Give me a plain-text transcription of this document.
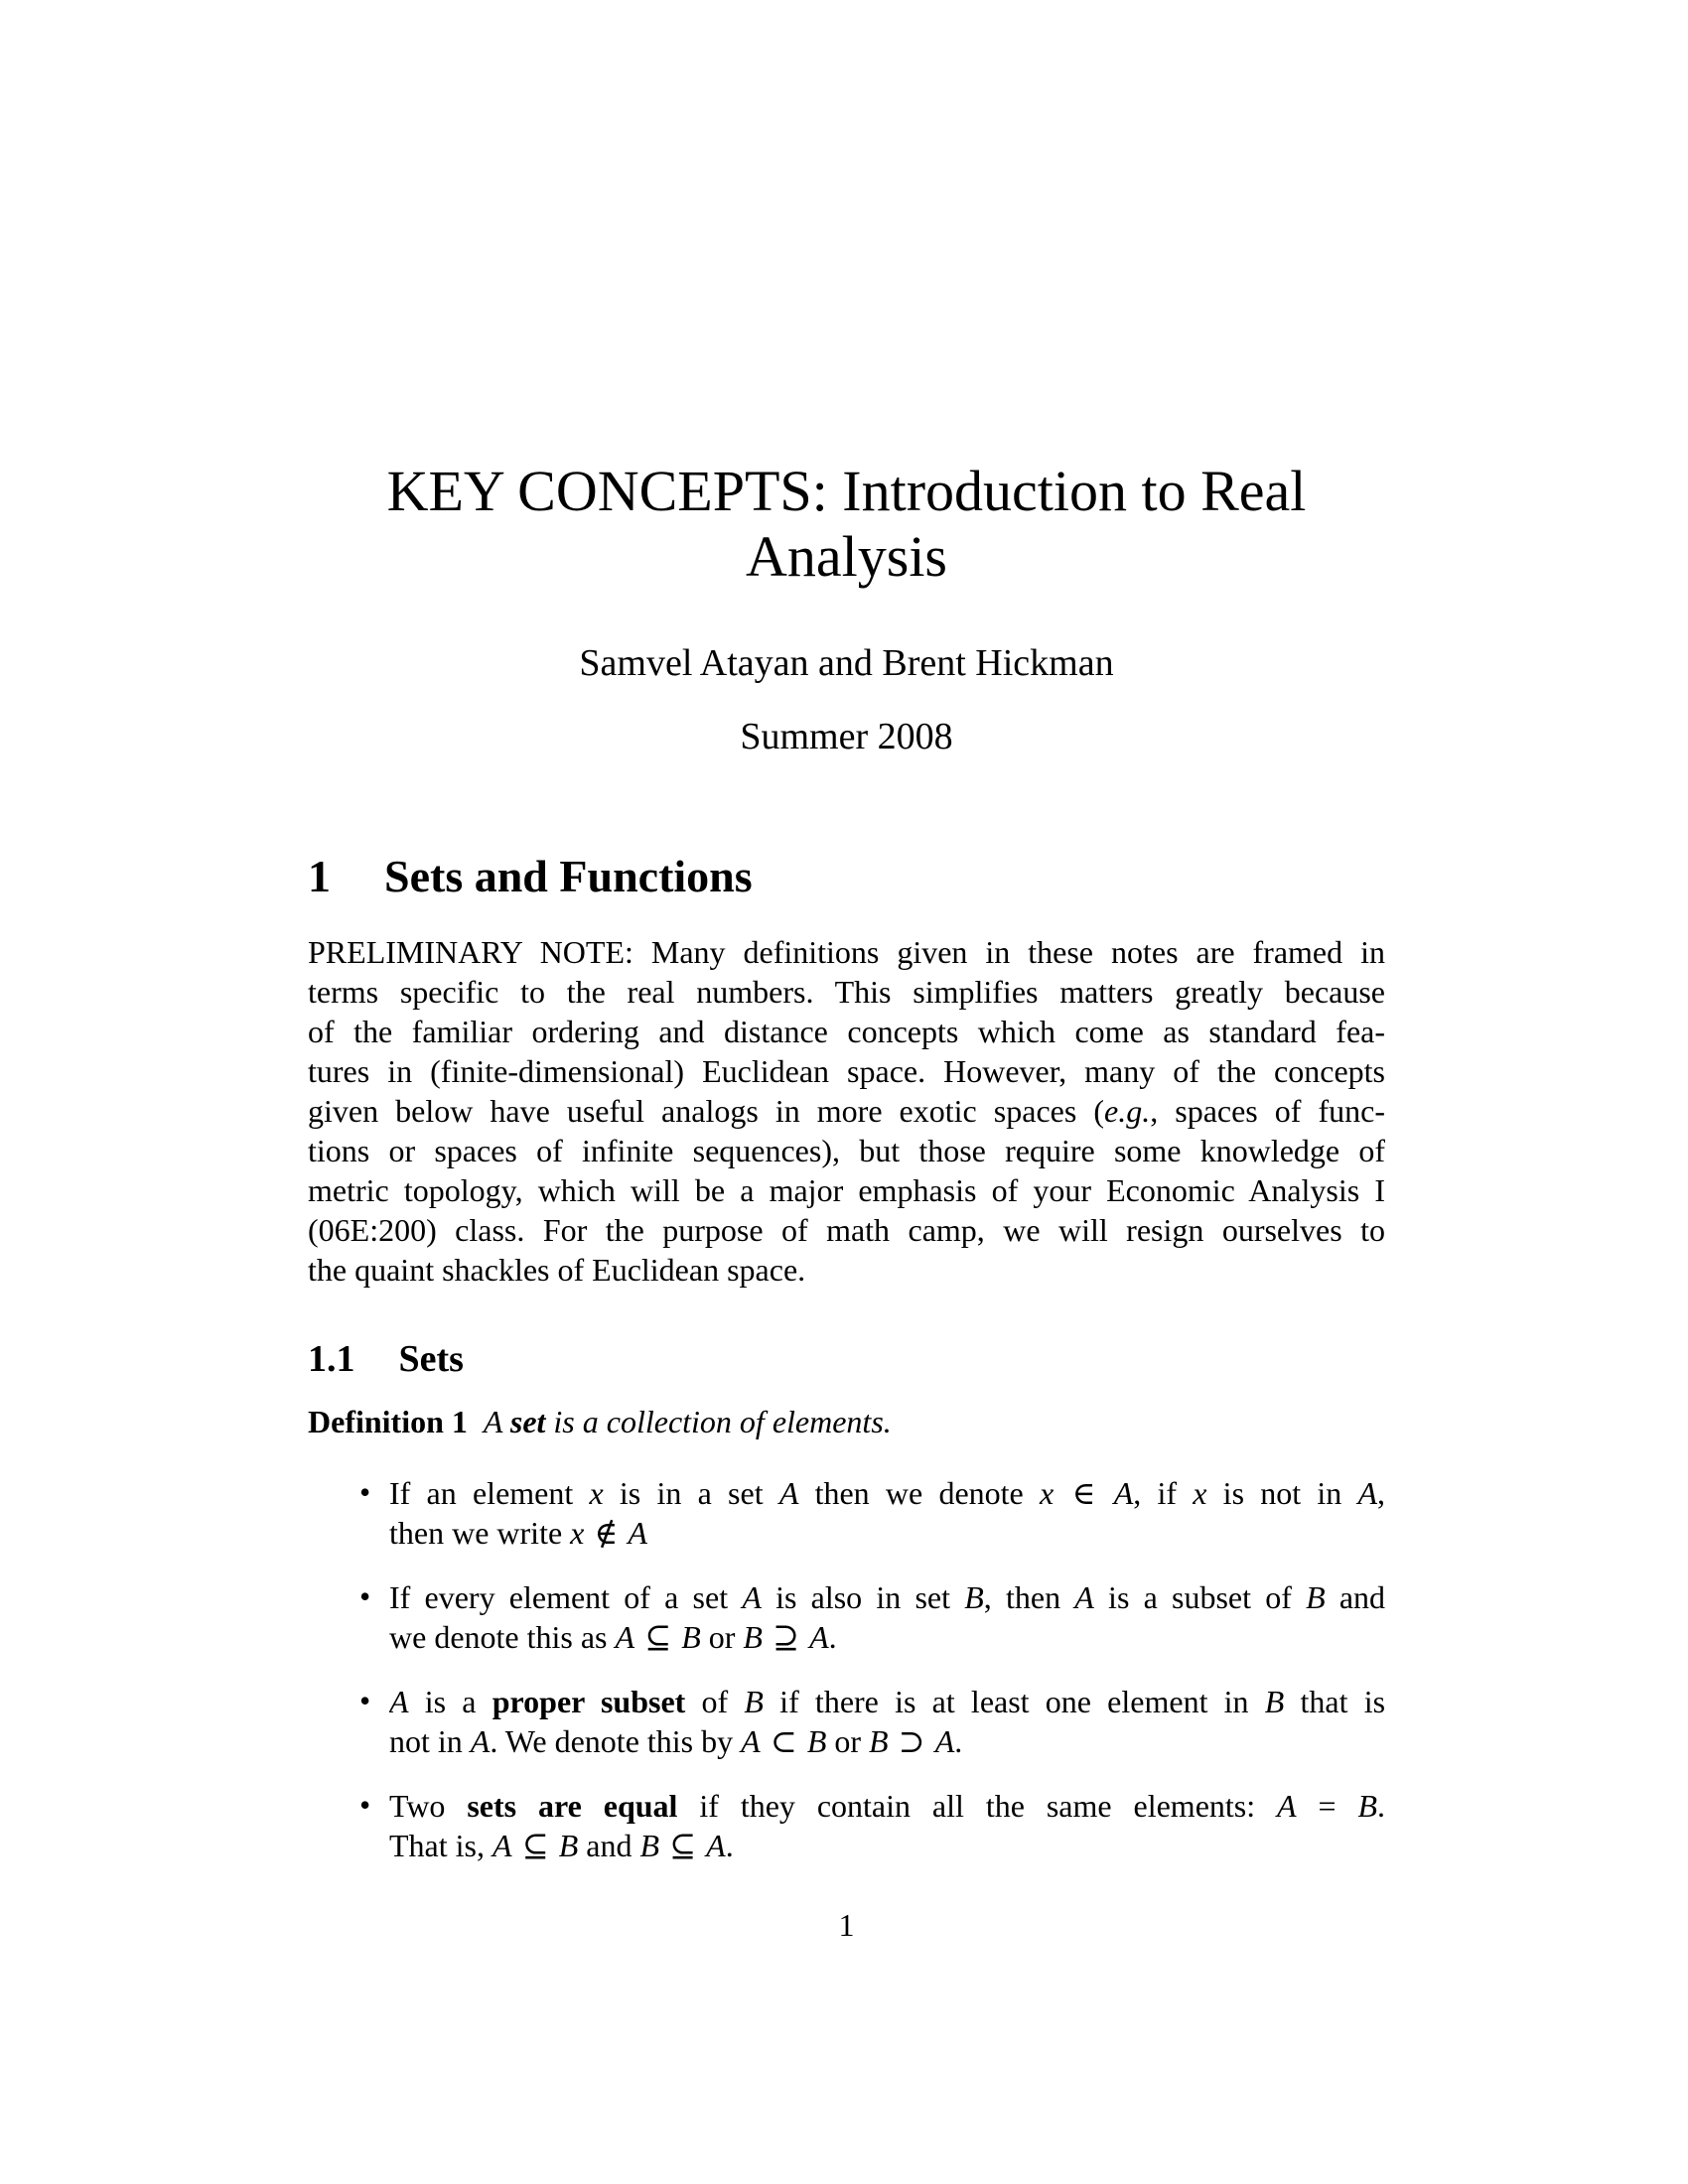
KEY CONCEPTS: Introduction to Real
Analysis
Samvel Atayan and Brent Hickman
Summer 2008
1 Sets and Functions
PRELIMINARY NOTE: Many definitions given in these notes are framed in
terms specific to the real numbers. This simplifies matters greatly because
of the familiar ordering and distance concepts which come as standard fea-
tures in (finite-dimensional) Euclidean space. However, many of the concepts
given below have useful analogs in more exotic spaces (e.g., spaces of func-
tions or spaces of infinite sequences), but those require some knowledge of
metric topology, which will be a major emphasis of your Economic Analysis I
(06E:200) class. For the purpose of math camp, we will resign ourselves to
the quaint shackles of Euclidean space.
1.1 Sets
Definition 1  A set is a collection of elements.
• If an element x is in a set A then we denote x ∈ A, if x is not in A,
then we write x ∉ A
• If every element of a set A is also in set B, then A is a subset of B and
we denote this as A ⊆ B or B ⊇ A.
• A is a proper subset of B if there is at least one element in B that is
not in A. We denote this by A ⊂ B or B ⊃ A.
• Two sets are equal if they contain all the same elements: A = B.
That is, A ⊆ B and B ⊆ A.
1
